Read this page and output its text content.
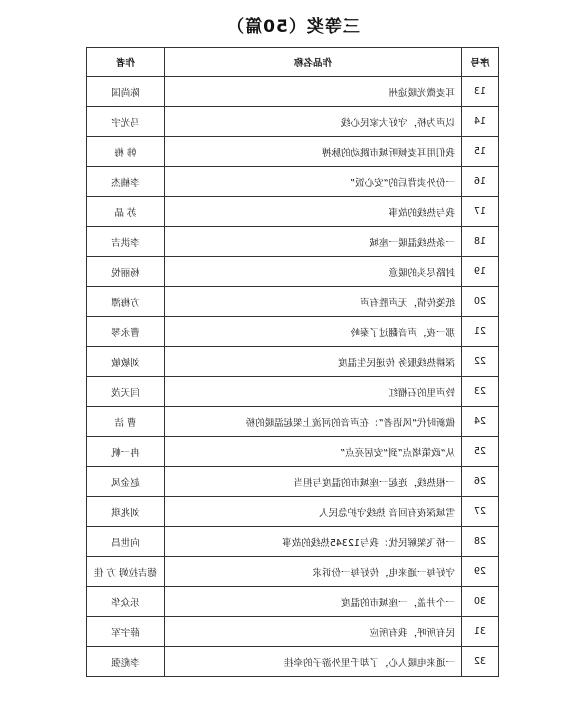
三等奖（50篇）
序号	作品名称	作者
13	耳麦微光暖途州	陈尚国
14	以声为桥，守好大家民心线	马光宇
15	我们用耳麦倾听城市跳动的脉搏	韩 梅
16	一份外卖背后的“安心饭”	李楠杰
17	我与热线的故事	苏 晶
18	一条热线温暖一座城	李洪吉
19	封路尽头的暖意	杨丽悦
20	纸笺传情，无声胜有声	方梅潭
21	那一夜，声音翻过了秦岭	曹永琴
22	深耕热线服务 传递民生温度	刘敏敏
23	铃声里的石榴红	闫天茂
24	做新时代“风语者”：在声音的河流上架起温暖的桥	曹 洁
25	从“政策堵点”到“安居亮点”	冉一帆
26	一根热线，连起一座城市的温度与担当	赵金凤
27	雪域深夜有回音 热线守护急民人	刘兆琪
28	一桥飞架解民忧：我与12345热线的故事	向世昌
29	守好每一通来电，传好每一份诉求	德吉拉姆 方 佳
30	一个井盖，一座城市的温度	乐众华
31	民有所呼，我有所应	薛宇军
32	一通来电暖人心，了却千里外游子的牵挂	李彪强
